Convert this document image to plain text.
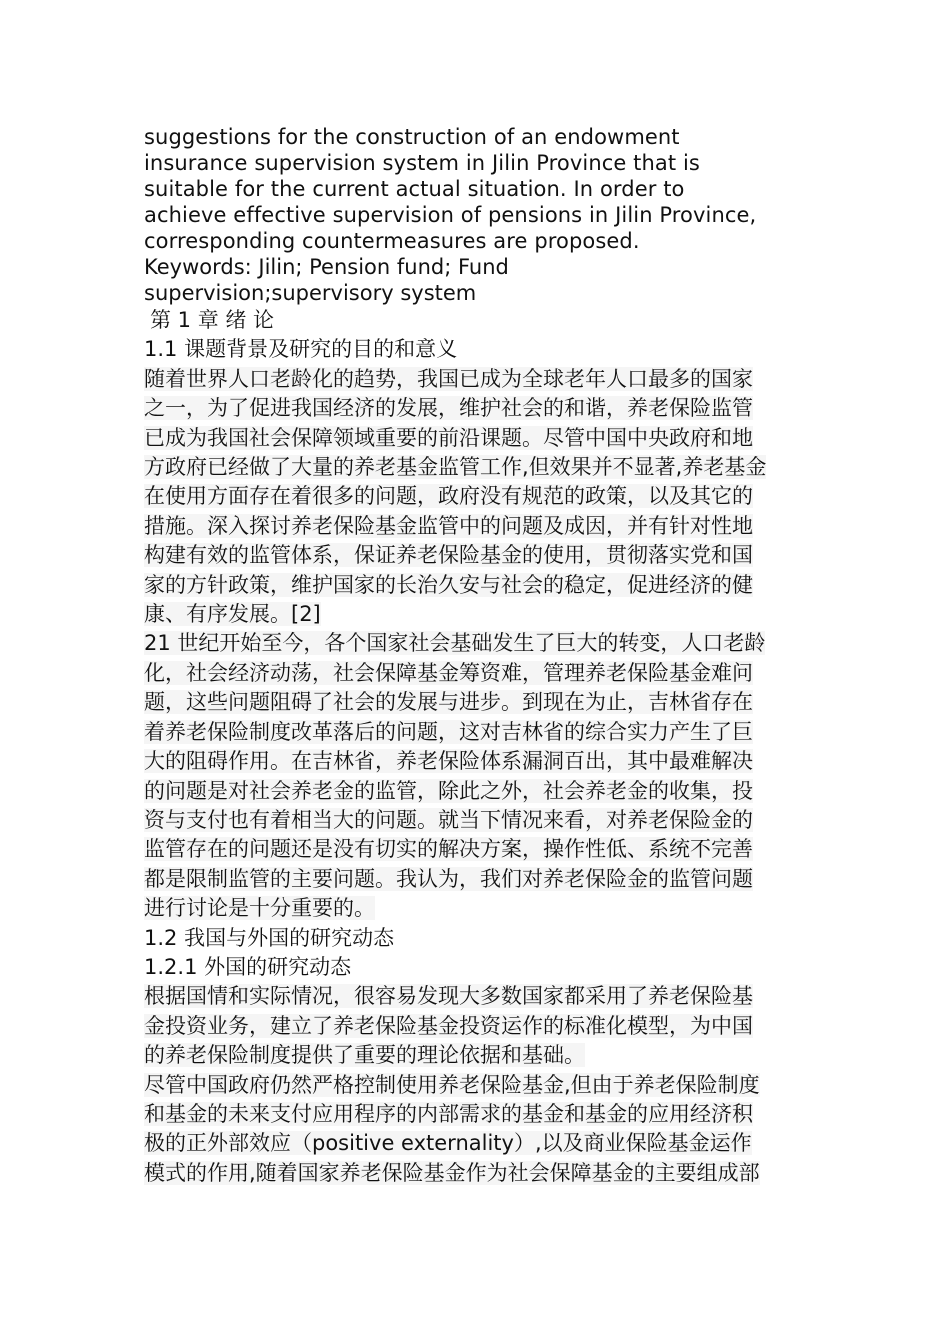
suggestions for the construction of an endowment

insurance supervision system in Jilin Province that is

suitable for the current actual situation. In order to

achieve effective supervision of pensions in Jilin Province,

corresponding countermeasures are proposed.

Keywords: Jilin; Pension fund; Fund

supervision;supervisory system

第 1 章 绪 论

1.1 课题背景及研究的目的和意义

随着世界人口老龄化的趋势，我国已成为全球老年人口最多的国家
之一，为了促进我国经济的发展，维护社会的和谐，养老保险监管
已成为我国社会保障领域重要的前沿课题。尽管中国中央政府和地
方政府已经做了大量的养老基金监管工作,但效果并不显著,养老基金
在使用方面存在着很多的问题，政府没有规范的政策，以及其它的
措施。深入探讨养老保险基金监管中的问题及成因，并有针对性地
构建有效的监管体系，保证养老保险基金的使用，贯彻落实党和国
家的方针政策，维护国家的长治久安与社会的稳定，促进经济的健
康、有序发展。[2]
21 世纪开始至今，各个国家社会基础发生了巨大的转变，人口老龄
化，社会经济动荡，社会保障基金筹资难，管理养老保险基金难问
题，这些问题阻碍了社会的发展与进步。到现在为止，吉林省存在
着养老保险制度改革落后的问题，这对吉林省的综合实力产生了巨
大的阻碍作用。在吉林省，养老保险体系漏洞百出，其中最难解决
的问题是对社会养老金的监管，除此之外，社会养老金的收集，投
资与支付也有着相当大的问题。就当下情况来看，对养老保险金的
监管存在的问题还是没有切实的解决方案，操作性低、系统不完善
都是限制监管的主要问题。我认为，我们对养老保险金的监管问题
进行讨论是十分重要的。

1.2 我国与外国的研究动态

1.2.1 外国的研究动态

根据国情和实际情况，很容易发现大多数国家都采用了养老保险基
金投资业务，建立了养老保险基金投资运作的标准化模型，为中国
的养老保险制度提供了重要的理论依据和基础。
尽管中国政府仍然严格控制使用养老保险基金,但由于养老保险制度
和基金的未来支付应用程序的内部需求的基金和基金的应用经济积
极的正外部效应（positive externality）,以及商业保险基金运作
模式的作用,随着国家养老保险基金作为社会保障基金的主要组成部
